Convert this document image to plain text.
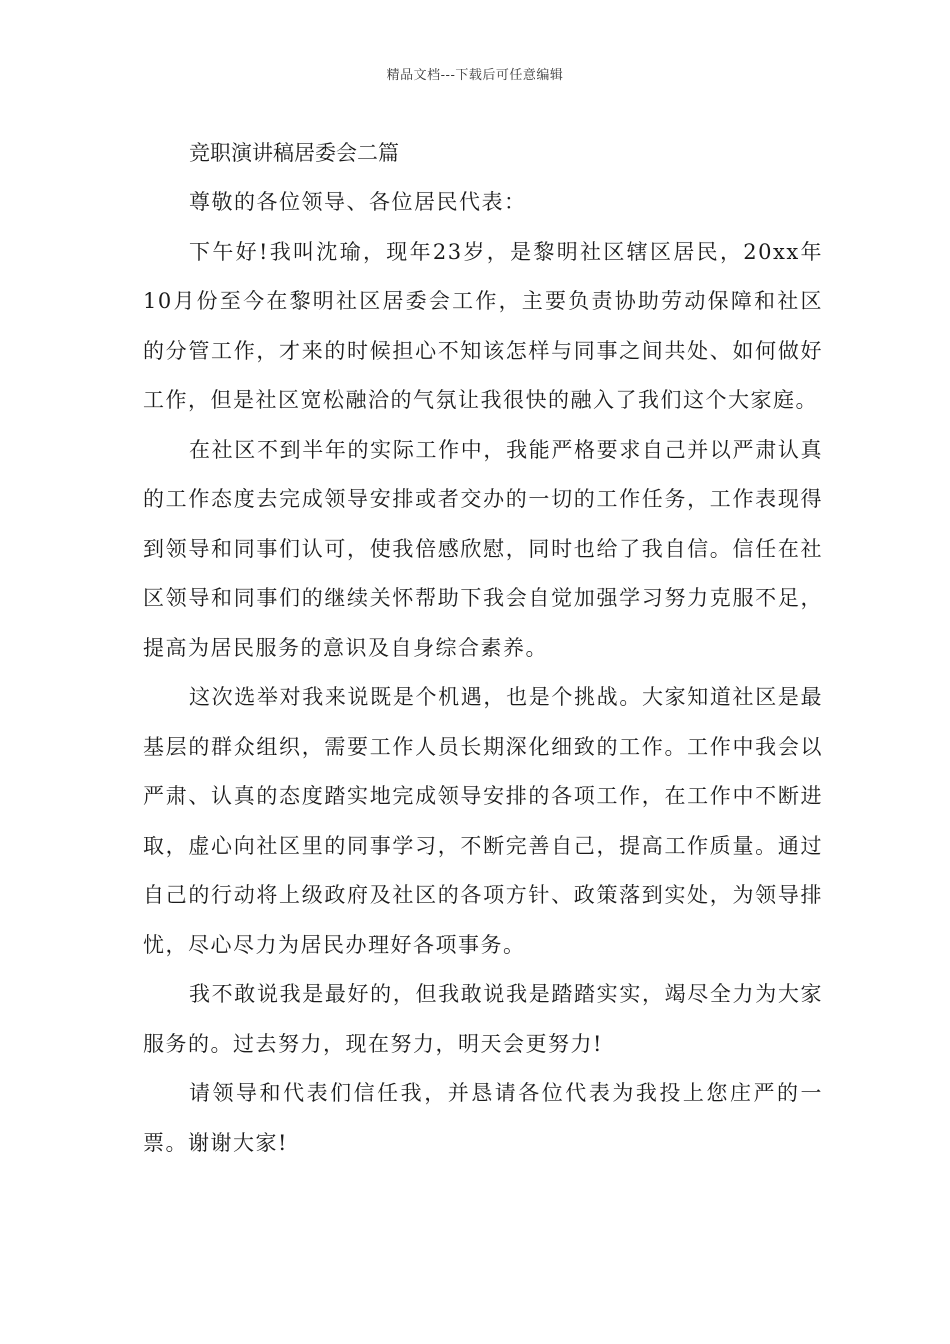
精品文档---下载后可任意编辑
竞职演讲稿居委会二篇

尊敬的各位领导、各位居民代表：

下午好!我叫沈瑜，现年23岁，是黎明社区辖区居民，20xx年10月份至今在黎明社区居委会工作，主要负责协助劳动保障和社区的分管工作，才来的时候担心不知该怎样与同事之间共处、如何做好工作，但是社区宽松融洽的气氛让我很快的融入了我们这个大家庭。

在社区不到半年的实际工作中，我能严格要求自己并以严肃认真的工作态度去完成领导安排或者交办的一切的工作任务，工作表现得到领导和同事们认可，使我倍感欣慰，同时也给了我自信。信任在社区领导和同事们的继续关怀帮助下我会自觉加强学习努力克服不足，提高为居民服务的意识及自身综合素养。

这次选举对我来说既是个机遇，也是个挑战。大家知道社区是最基层的群众组织，需要工作人员长期深化细致的工作。工作中我会以严肃、认真的态度踏实地完成领导安排的各项工作，在工作中不断进取，虚心向社区里的同事学习，不断完善自己，提高工作质量。通过自己的行动将上级政府及社区的各项方针、政策落到实处，为领导排忧，尽心尽力为居民办理好各项事务。

我不敢说我是最好的，但我敢说我是踏踏实实，竭尽全力为大家服务的。过去努力，现在努力，明天会更努力!

请领导和代表们信任我，并恳请各位代表为我投上您庄严的一票。谢谢大家!
